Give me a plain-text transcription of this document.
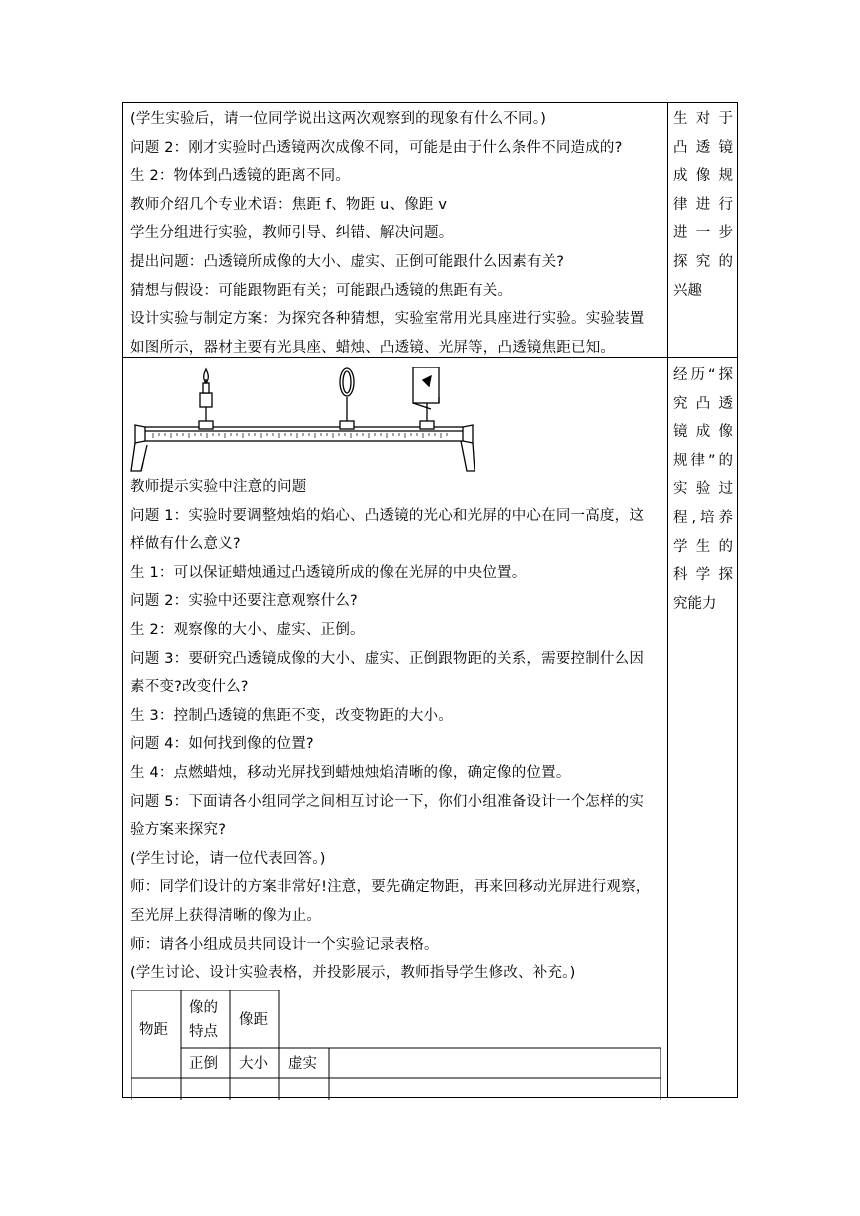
(学生实验后，请一位同学说出这两次观察到的现象有什么不同。)
问题 2：刚才实验时凸透镜两次成像不同，可能是由于什么条件不同造成的?
生 2：物体到凸透镜的距离不同。
教师介绍几个专业术语：焦距 f、物距 u、像距 v
学生分组进行实验，教师引导、纠错、解决问题。
提出问题：凸透镜所成像的大小、虚实、正倒可能跟什么因素有关?
猜想与假设：可能跟物距有关；可能跟凸透镜的焦距有关。
设计实验与制定方案：为探究各种猜想，实验室常用光具座进行实验。实验装置
如图所示，器材主要有光具座、蜡烛、凸透镜、光屏等，凸透镜焦距已知。
生对于
凸透镜
成像规
律进行
进一步
探究的
兴趣
教师提示实验中注意的问题
问题 1：实验时要调整烛焰的焰心、凸透镜的光心和光屏的中心在同一高度，这
样做有什么意义?
生 1：可以保证蜡烛通过凸透镜所成的像在光屏的中央位置。
问题 2：实验中还要注意观察什么?
生 2：观察像的大小、虚实、正倒。
问题 3：要研究凸透镜成像的大小、虚实、正倒跟物距的关系，需要控制什么因
素不变?改变什么?
生 3：控制凸透镜的焦距不变，改变物距的大小。
问题 4：如何找到像的位置?
生 4：点燃蜡烛，移动光屏找到蜡烛烛焰清晰的像，确定像的位置。
问题 5：下面请各小组同学之间相互讨论一下，你们小组准备设计一个怎样的实
验方案来探究?
(学生讨论，请一位代表回答。)
师：同学们设计的方案非常好!注意，要先确定物距，再来回移动光屏进行观察，
至光屏上获得清晰的像为止。
师：请各小组成员共同设计一个实验记录表格。
(学生讨论、设计实验表格，并投影展示，教师指导学生修改、补充。)
经历“探
究凸透
镜成像
规律”的
实验过
程,培养
学生的
科学探
究能力
物距
像的
特点
像距
正倒 大小 虚实
